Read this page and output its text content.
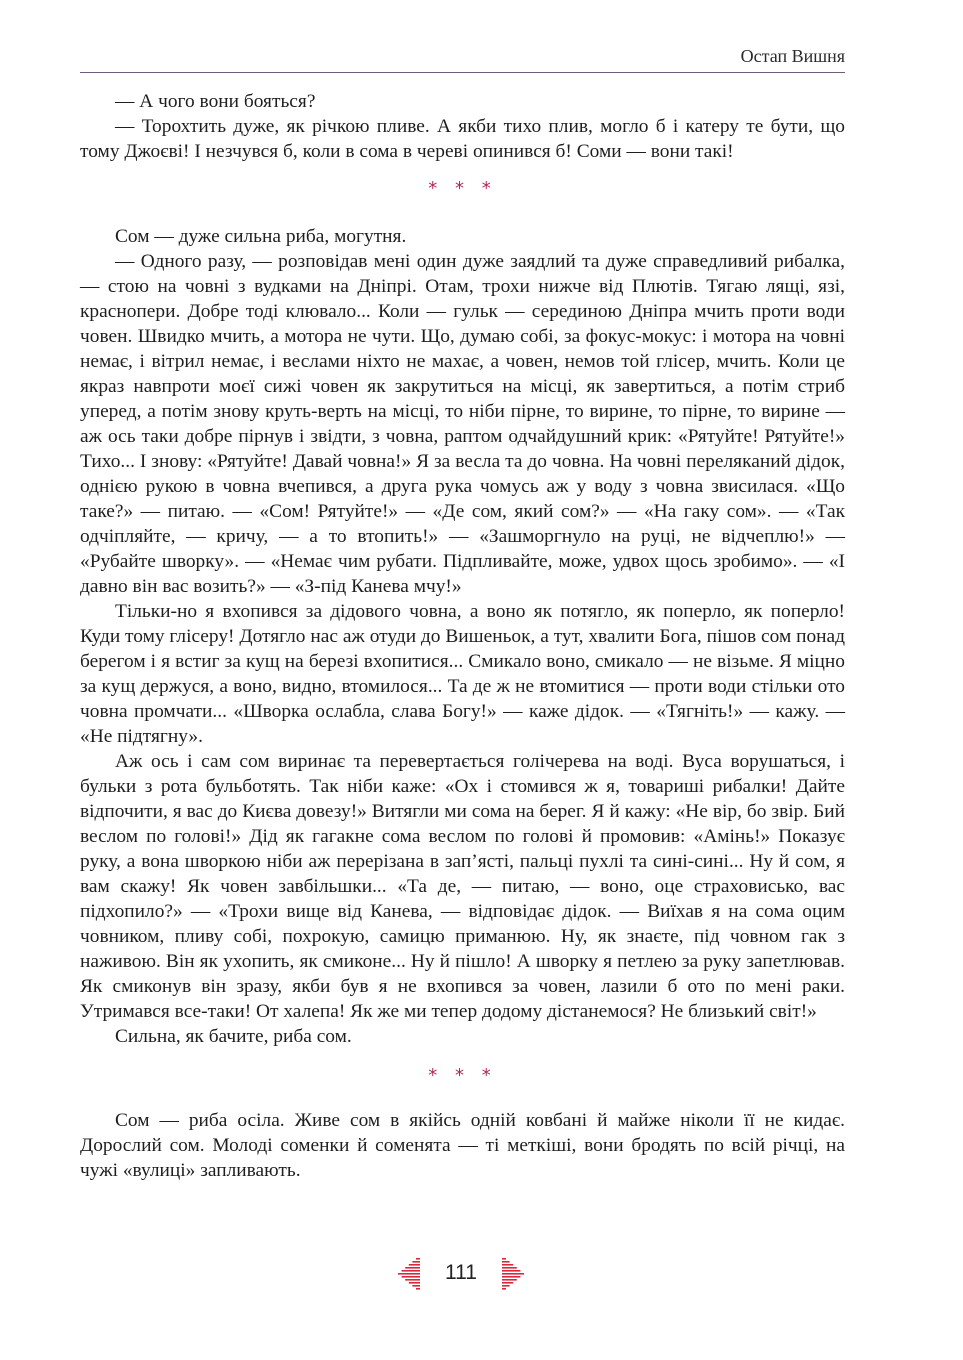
Остап Вишня

— А чого вони бояться?

— Торохтить дуже, як річкою пливе. А якби тихо плив, могло б і катеру те бути, що тому Джоєві! І незчувся б, коли в сома в череві опинився б! Соми — вони такі!

* * *

Сом — дуже сильна риба, могутня.

— Одного разу, — розповідав мені один дуже заядлий та дуже справедливий рибалка, — стою на човні з вудками на Дніпрі. Отам, трохи нижче від Плютів. Тягаю лящі, язі, краснопери. Добре тоді клювало... Коли — гульк — серединою Дніпра мчить проти води човен. Швидко мчить, а мотора не чути. Що, думаю собі, за фокус-мокус: і мотора на човні немає, і вітрил немає, і веслами ніхто не махає, а човен, немов той глісер, мчить. Коли це якраз навпроти моєї сижі човен як закрутиться на місці, як завертиться, а потім стриб уперед, а потім знову круть-верть на місці, то ніби пірне, то вирине, то пірне, то вирине — аж ось таки добре пірнув і звідти, з човна, раптом одчайдушний крик: «Рятуйте! Рятуйте!» Тихо... І знову: «Рятуйте! Давай човна!» Я за весла та до човна. На човні переляканий дідок, однією рукою в човна вчепився, а друга рука чомусь аж у воду з човна звисилася. «Що таке?» — питаю. — «Сом! Рятуйте!» — «Де сом, який сом?» — «На гаку сом». — «Так одчіпляйте, — кричу, — а то втопить!» — «Зашморгнуло на руці, не відчеплю!» — «Рубайте шворку». — «Немає чим рубати. Підпливайте, може, удвох щось зробимо». — «І давно він вас возить?» — «З-під Канева мчу!»

Тільки-но я вхопився за дідового човна, а воно як потягло, як поперло, як поперло! Куди тому глісеру! Дотягло нас аж отуди до Вишеньок, а тут, хвалити Бога, пішов сом понад берегом і я встиг за кущ на березі вхопитися... Смикало воно, смикало — не візьме. Я міцно за кущ держуся, а воно, видно, втомилося... Та де ж не втомитися — проти води стільки ото човна промчати... «Шворка ослабла, слава Богу!» — каже дідок. — «Тягніть!» — кажу. — «Не підтягну».

Аж ось і сам сом виринає та перевертається голічерева на воді. Вуса ворушаться, і бульки з рота бульботять. Так ніби каже: «Ох і стомився ж я, товариші рибалки! Дайте відпочити, я вас до Києва довезу!» Витягли ми сома на берег. Я й кажу: «Не вір, бо звір. Бий веслом по голові!» Дід як гагакне сома веслом по голові й промовив: «Амінь!» Показує руку, а вона шворкою ніби аж перерізана в зап’ясті, пальці пухлі та сині-сині... Ну й сом, я вам скажу! Як човен завбільшки... «Та де, — питаю, — воно, оце страховисько, вас підхопило?» — «Трохи вище від Канева, — відповідає дідок. — Виїхав я на сома оцим човником, пливу собі, похрокую, самицю приманюю. Ну, як знаєте, під човном гак з наживою. Він як ухопить, як смиконе... Ну й пішло! А шворку я петлею за руку запетлював. Як смиконув він зразу, якби був я не вхопився за човен, лазили б ото по мені раки. Утримався все-таки! От халепа! Як же ми тепер додому дістанемося? Не близький світ!»

Сильна, як бачите, риба сом.

* * *

Сом — риба осіла. Живе сом в якійсь одній ковбані й майже ніколи її не кидає. Дорослий сом. Молоді соменки й соменята — ті меткіші, вони бродять по всій річці, на чужі «вулиці» запливають.

111
